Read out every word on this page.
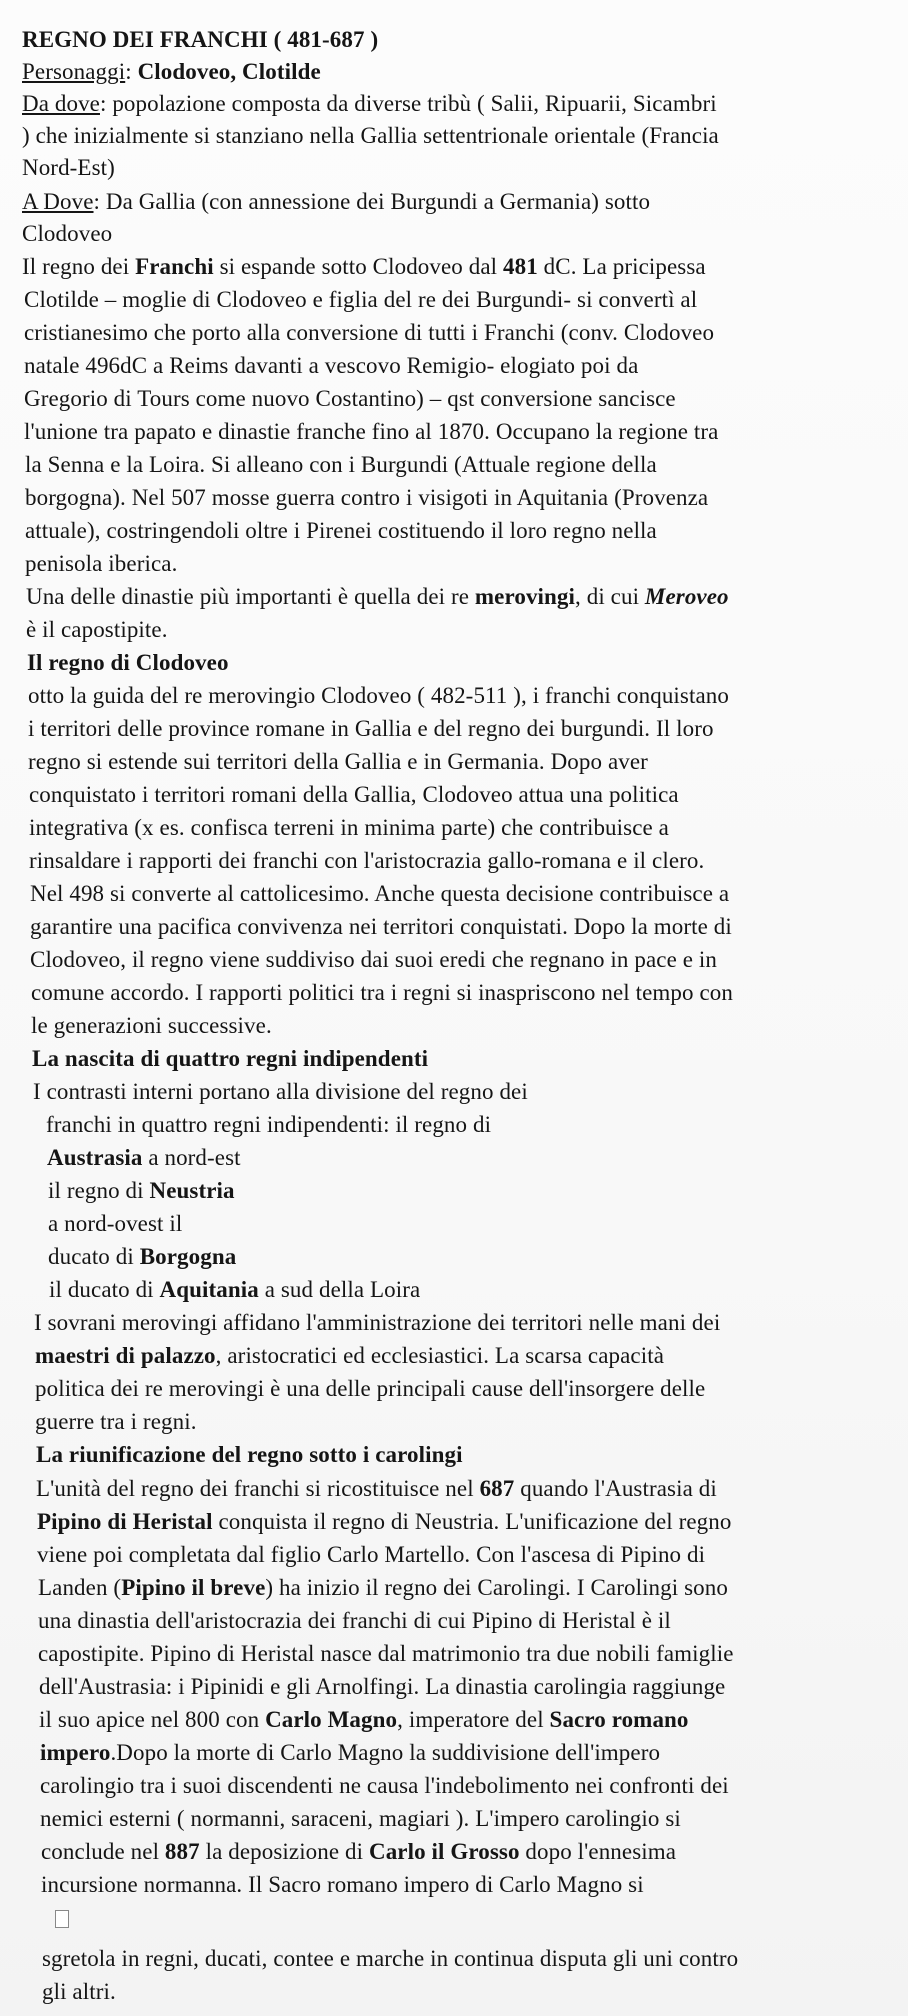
REGNO DEI FRANCHI ( 481-687 )
Personaggi: Clodoveo, Clotilde
Da dove: popolazione composta da diverse tribù ( Salii, Ripuarii, Sicambri
) che inizialmente si stanziano nella Gallia settentrionale orientale (Francia
Nord-Est)
A Dove: Da Gallia (con annessione dei Burgundi a Germania) sotto
Clodoveo
Il regno dei Franchi si espande sotto Clodoveo dal 481 dC. La pricipessa
Clotilde – moglie di Clodoveo e figlia del re dei Burgundi- si convertì al
cristianesimo che porto alla conversione di tutti i Franchi (conv. Clodoveo
natale 496dC a Reims davanti a vescovo Remigio- elogiato poi da
Gregorio di Tours come nuovo Costantino) – qst conversione sancisce
l'unione tra papato e dinastie franche fino al 1870. Occupano la regione tra
la Senna e la Loira. Si alleano con i Burgundi (Attuale regione della
borgogna). Nel 507 mosse guerra contro i visigoti in Aquitania (Provenza
attuale), costringendoli oltre i Pirenei costituendo il loro regno nella
penisola iberica.
Una delle dinastie più importanti è quella dei re merovingi, di cui Meroveo
è il capostipite.
Il regno di Clodoveo
otto la guida del re merovingio Clodoveo ( 482-511 ), i franchi conquistano
i territori delle province romane in Gallia e del regno dei burgundi. Il loro
regno si estende sui territori della Gallia e in Germania. Dopo aver
conquistato i territori romani della Gallia, Clodoveo attua una politica
integrativa (x es. confisca terreni in minima parte) che contribuisce a
rinsaldare i rapporti dei franchi con l'aristocrazia gallo-romana e il clero.
Nel 498 si converte al cattolicesimo. Anche questa decisione contribuisce a
garantire una pacifica convivenza nei territori conquistati. Dopo la morte di
Clodoveo, il regno viene suddiviso dai suoi eredi che regnano in pace e in
comune accordo. I rapporti politici tra i regni si inaspriscono nel tempo con
le generazioni successive.
La nascita di quattro regni indipendenti
I contrasti interni portano alla divisione del regno dei
franchi in quattro regni indipendenti: il regno di
Austrasia a nord-est
il regno di Neustria
a nord-ovest il
ducato di Borgogna
il ducato di Aquitania a sud della Loira
I sovrani merovingi affidano l'amministrazione dei territori nelle mani dei
maestri di palazzo, aristocratici ed ecclesiastici. La scarsa capacità
politica dei re merovingi è una delle principali cause dell'insorgere delle
guerre tra i regni.
La riunificazione del regno sotto i carolingi
L'unità del regno dei franchi si ricostituisce nel 687 quando l'Austrasia di
Pipino di Heristal conquista il regno di Neustria. L'unificazione del regno
viene poi completata dal figlio Carlo Martello. Con l'ascesa di Pipino di
Landen (Pipino il breve) ha inizio il regno dei Carolingi. I Carolingi sono
una dinastia dell'aristocrazia dei franchi di cui Pipino di Heristal è il
capostipite. Pipino di Heristal nasce dal matrimonio tra due nobili famiglie
dell'Austrasia: i Pipinidi e gli Arnolfingi. La dinastia carolingia raggiunge
il suo apice nel 800 con Carlo Magno, imperatore del Sacro romano
impero.Dopo la morte di Carlo Magno la suddivisione dell'impero
carolingio tra i suoi discendenti ne causa l'indebolimento nei confronti dei
nemici esterni ( normanni, saraceni, magiari ). L'impero carolingio si
conclude nel 887 la deposizione di Carlo il Grosso dopo l'ennesima
incursione normanna. Il Sacro romano impero di Carlo Magno si
sgretola in regni, ducati, contee e marche in continua disputa gli uni contro
gli altri.
